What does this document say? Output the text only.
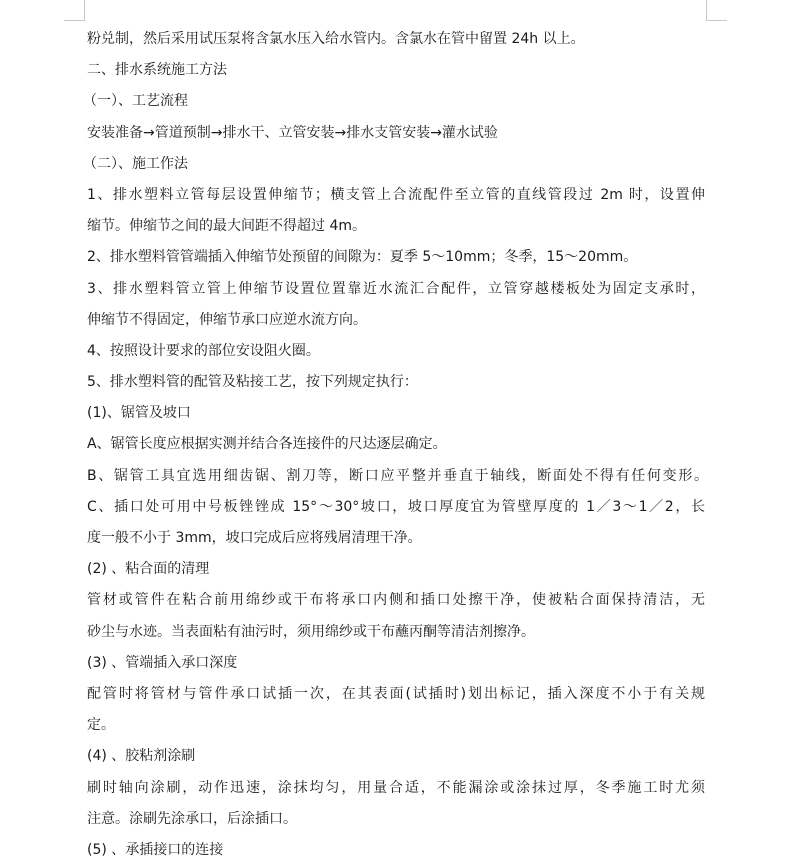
粉兑制，然后采用试压泵将含氯水压入给水管内。含氯水在管中留置 24h 以上。
二、排水系统施工方法
（一）、工艺流程
安装准备→管道预制→排水干、立管安装→排水支管安装→灌水试验
（二）、施工作法
1、排水塑料立管每层设置伸缩节；横支管上合流配件至立管的直线管段过 2m 时，设置伸
缩节。伸缩节之间的最大间距不得超过 4m。
2、排水塑料管管端插入伸缩节处预留的间隙为：夏季 5～10mm；冬季，15～20mm。
3、排水塑料管立管上伸缩节设置位置靠近水流汇合配件，立管穿越楼板处为固定支承时，
伸缩节不得固定，伸缩节承口应逆水流方向。
4、按照设计要求的部位安设阻火圈。
5、排水塑料管的配管及粘接工艺，按下列规定执行：
(1)、锯管及坡口
A、锯管长度应根据实测并结合各连接件的尺达逐层确定。
B、锯管工具宜选用细齿锯、割刀等，断口应平整并垂直于轴线，断面处不得有任何变形。
C、插口处可用中号板锉锉成 15°～30°坡口，坡口厚度宜为管壁厚度的 1／3～1／2，长
度一般不小于 3mm，坡口完成后应将残屑清理干净。
(2) 、粘合面的清理
管材或管件在粘合前用绵纱或干布将承口内侧和插口处擦干净，使被粘合面保持清洁，无
砂尘与水迹。当表面粘有油污时，须用绵纱或干布蘸丙酮等清洁剂擦净。
(3) 、管端插入承口深度
配管时将管材与管件承口试插一次，在其表面(试插时)划出标记，插入深度不小于有关规
定。
(4) 、胶粘剂涂刷
刷时轴向涂刷，动作迅速，涂抹均匀，用量合适，不能漏涂或涂抹过厚，冬季施工时尤须
注意。涂刷先涂承口，后涂插口。
(5) 、承插接口的连接
